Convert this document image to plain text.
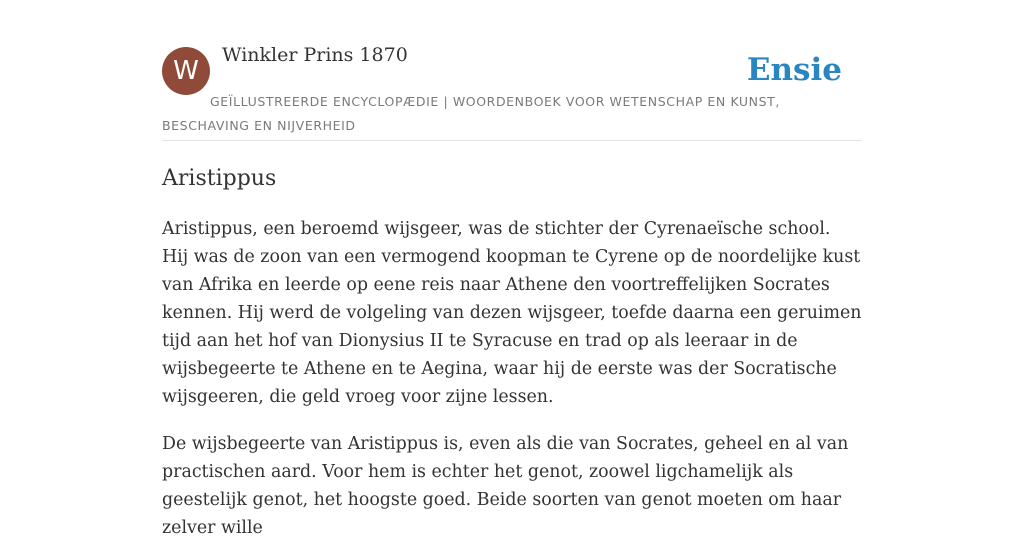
W
Winkler Prins 1870	Ensie
GEÏLLUSTREERDE ENCYCLOPÆDIE | WOORDENBOEK VOOR WETENSCHAP EN KUNST, BESCHAVING EN NIJVERHEID
Aristippus

Aristippus, een beroemd wijsgeer, was de stichter der Cyrenaeïsche school. Hij was de zoon van een vermogend koopman te Cyrene op de noordelijke kust van Afrika en leerde op eene reis naar Athene den voortreffelijken Socrates kennen. Hij werd de volgeling van dezen wijsgeer, toefde daarna een geruimen tijd aan het hof van Dionysius II te Syracuse en trad op als leeraar in de wijsbegeerte te Athene en te Aegina, waar hij de eerste was der Socratische wijsgeeren, die geld vroeg voor zijne lessen.

De wijsbegeerte van Aristippus is, even als die van Socrates, geheel en al van practischen aard. Voor hem is echter het genot, zoowel ligchamelijk als geestelijk genot, het hoogste goed. Beide soorten van genot moeten om haar zelver wille
